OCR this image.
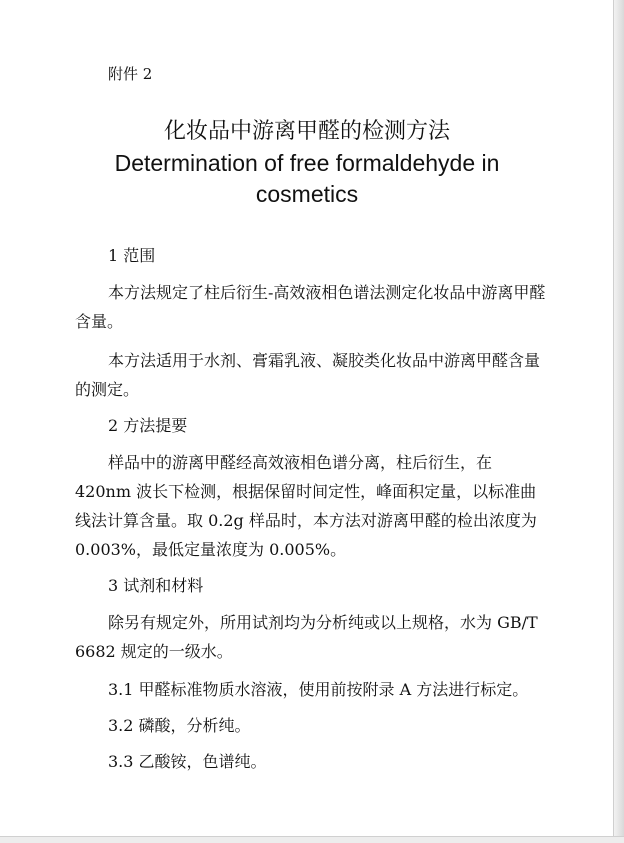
附件 2
化妆品中游离甲醛的检测方法
Determination of free formaldehyde in
cosmetics
1 范围
本方法规定了柱后衍生-高效液相色谱法测定化妆品中游离甲醛含量。
本方法适用于水剂、膏霜乳液、凝胶类化妆品中游离甲醛含量的测定。
2 方法提要
样品中的游离甲醛经高效液相色谱分离，柱后衍生，在 420nm 波长下检测，根据保留时间定性，峰面积定量，以标准曲线法计算含量。取 0.2g 样品时，本方法对游离甲醛的检出浓度为 0.003%，最低定量浓度为 0.005%。
3 试剂和材料
除另有规定外，所用试剂均为分析纯或以上规格，水为 GB/T 6682 规定的一级水。
3.1 甲醛标准物质水溶液，使用前按附录 A 方法进行标定。
3.2 磷酸，分析纯。
3.3 乙酸铵，色谱纯。
